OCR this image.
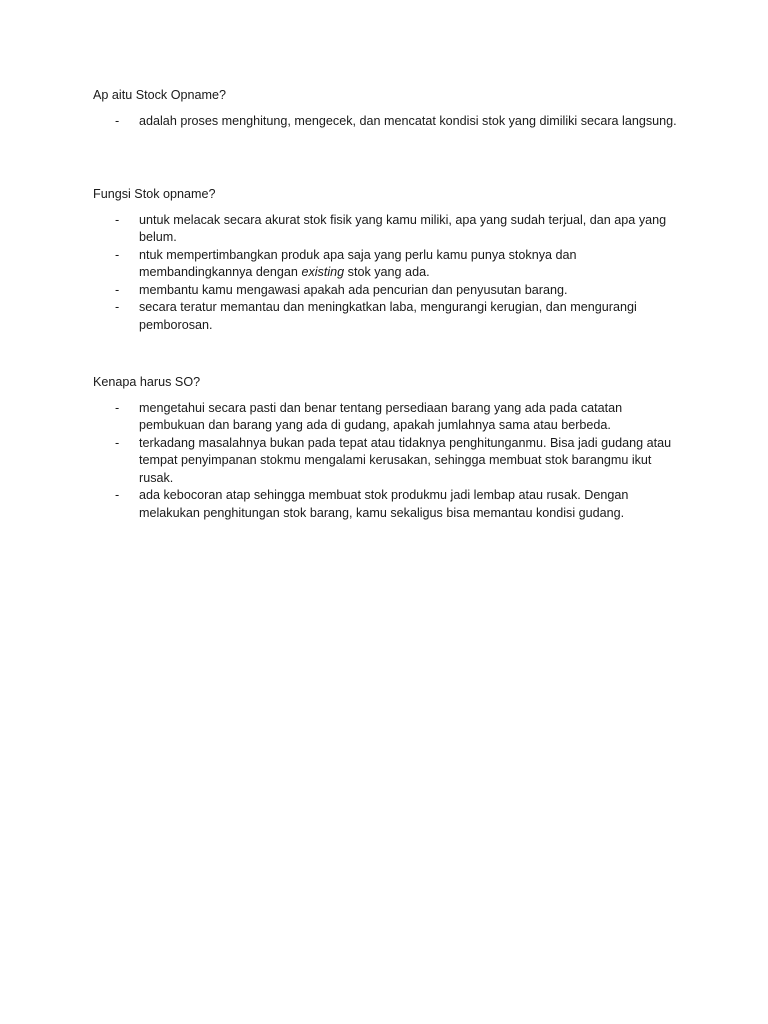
Ap aitu Stock Opname?

- adalah proses menghitung, mengecek, dan mencatat kondisi stok yang dimiliki secara langsung.

Fungsi Stok opname?

- untuk melacak secara akurat stok fisik yang kamu miliki, apa yang sudah terjual, dan apa yang belum.
- ntuk mempertimbangkan produk apa saja yang perlu kamu punya stoknya dan membandingkannya dengan existing stok yang ada.
- membantu kamu mengawasi apakah ada pencurian dan penyusutan barang.
- secara teratur memantau dan meningkatkan laba, mengurangi kerugian, dan mengurangi pemborosan.

Kenapa harus SO?

- mengetahui secara pasti dan benar tentang persediaan barang yang ada pada catatan pembukuan dan barang yang ada di gudang, apakah jumlahnya sama atau berbeda.
- terkadang masalahnya bukan pada tepat atau tidaknya penghitunganmu. Bisa jadi gudang atau tempat penyimpanan stokmu mengalami kerusakan, sehingga membuat stok barangmu ikut rusak.
- ada kebocoran atap sehingga membuat stok produkmu jadi lembap atau rusak. Dengan melakukan penghitungan stok barang, kamu sekaligus bisa memantau kondisi gudang.
